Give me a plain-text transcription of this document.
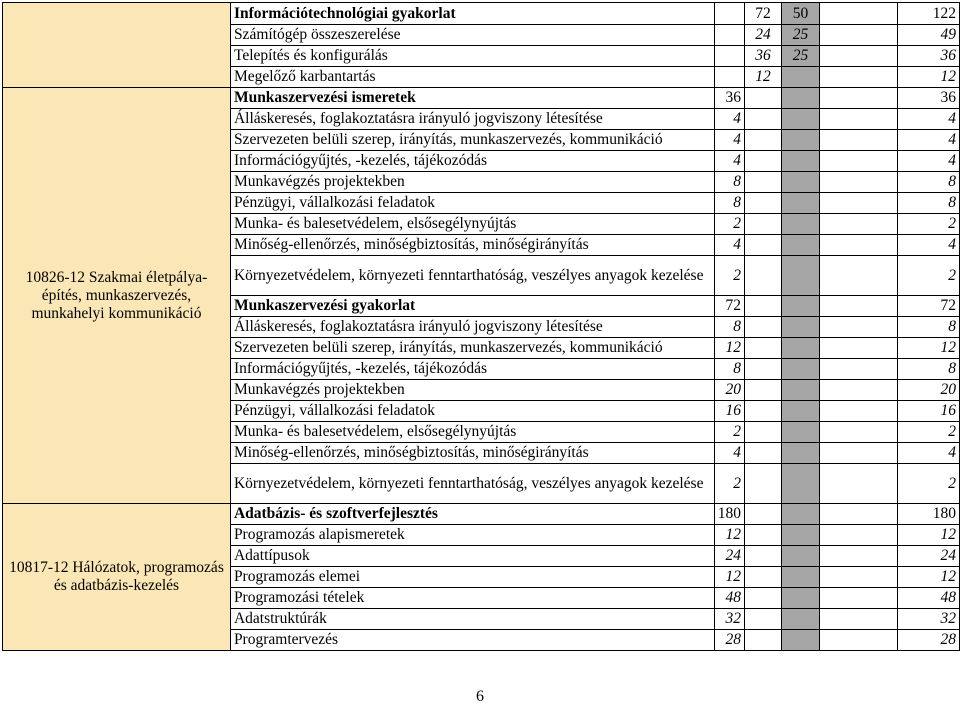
	Információtechnológiai gyakorlat		72	50		122
	Számítógép összeszerelése		24	25		49
	Telepítés és konfigurálás		36	25		36
	Megelőző karbantartás		12			12
10826-12 Szakmai életpálya-építés, munkaszervezés, munkahelyi kommunikáció	Munkaszervezési ismeretek	36				36
	Álláskeresés, foglakoztatásra irányuló jogviszony létesítése	4				4
	Szervezeten belüli szerep, irányítás, munkaszervezés, kommunikáció	4				4
	Információgyűjtés, -kezelés, tájékozódás	4				4
	Munkavégzés projektekben	8				8
	Pénzügyi, vállalkozási feladatok	8				8
	Munka- és balesetvédelem, elsősegélynyújtás	2				2
	Minőség-ellenőrzés, minőségbiztosítás, minőségirányítás	4				4
	Környezetvédelem, környezeti fenntarthatóság, veszélyes anyagok kezelése	2				2
	Munkaszervezési gyakorlat	72				72
	Álláskeresés, foglakoztatásra irányuló jogviszony létesítése	8				8
	Szervezeten belüli szerep, irányítás, munkaszervezés, kommunikáció	12				12
	Információgyűjtés, -kezelés, tájékozódás	8				8
	Munkavégzés projektekben	20				20
	Pénzügyi, vállalkozási feladatok	16				16
	Munka- és balesetvédelem, elsősegélynyújtás	2				2
	Minőség-ellenőrzés, minőségbiztosítás, minőségirányítás	4				4
	Környezetvédelem, környezeti fenntarthatóság, veszélyes anyagok kezelése	2				2
10817-12 Hálózatok, programozás és adatbázis-kezelés	Adatbázis- és szoftverfejlesztés	180				180
	Programozás alapismeretek	12				12
	Adattípusok	24				24
	Programozás elemei	12				12
	Programozási tételek	48				48
	Adatstruktúrák	32				32
	Programtervezés	28				28
6
